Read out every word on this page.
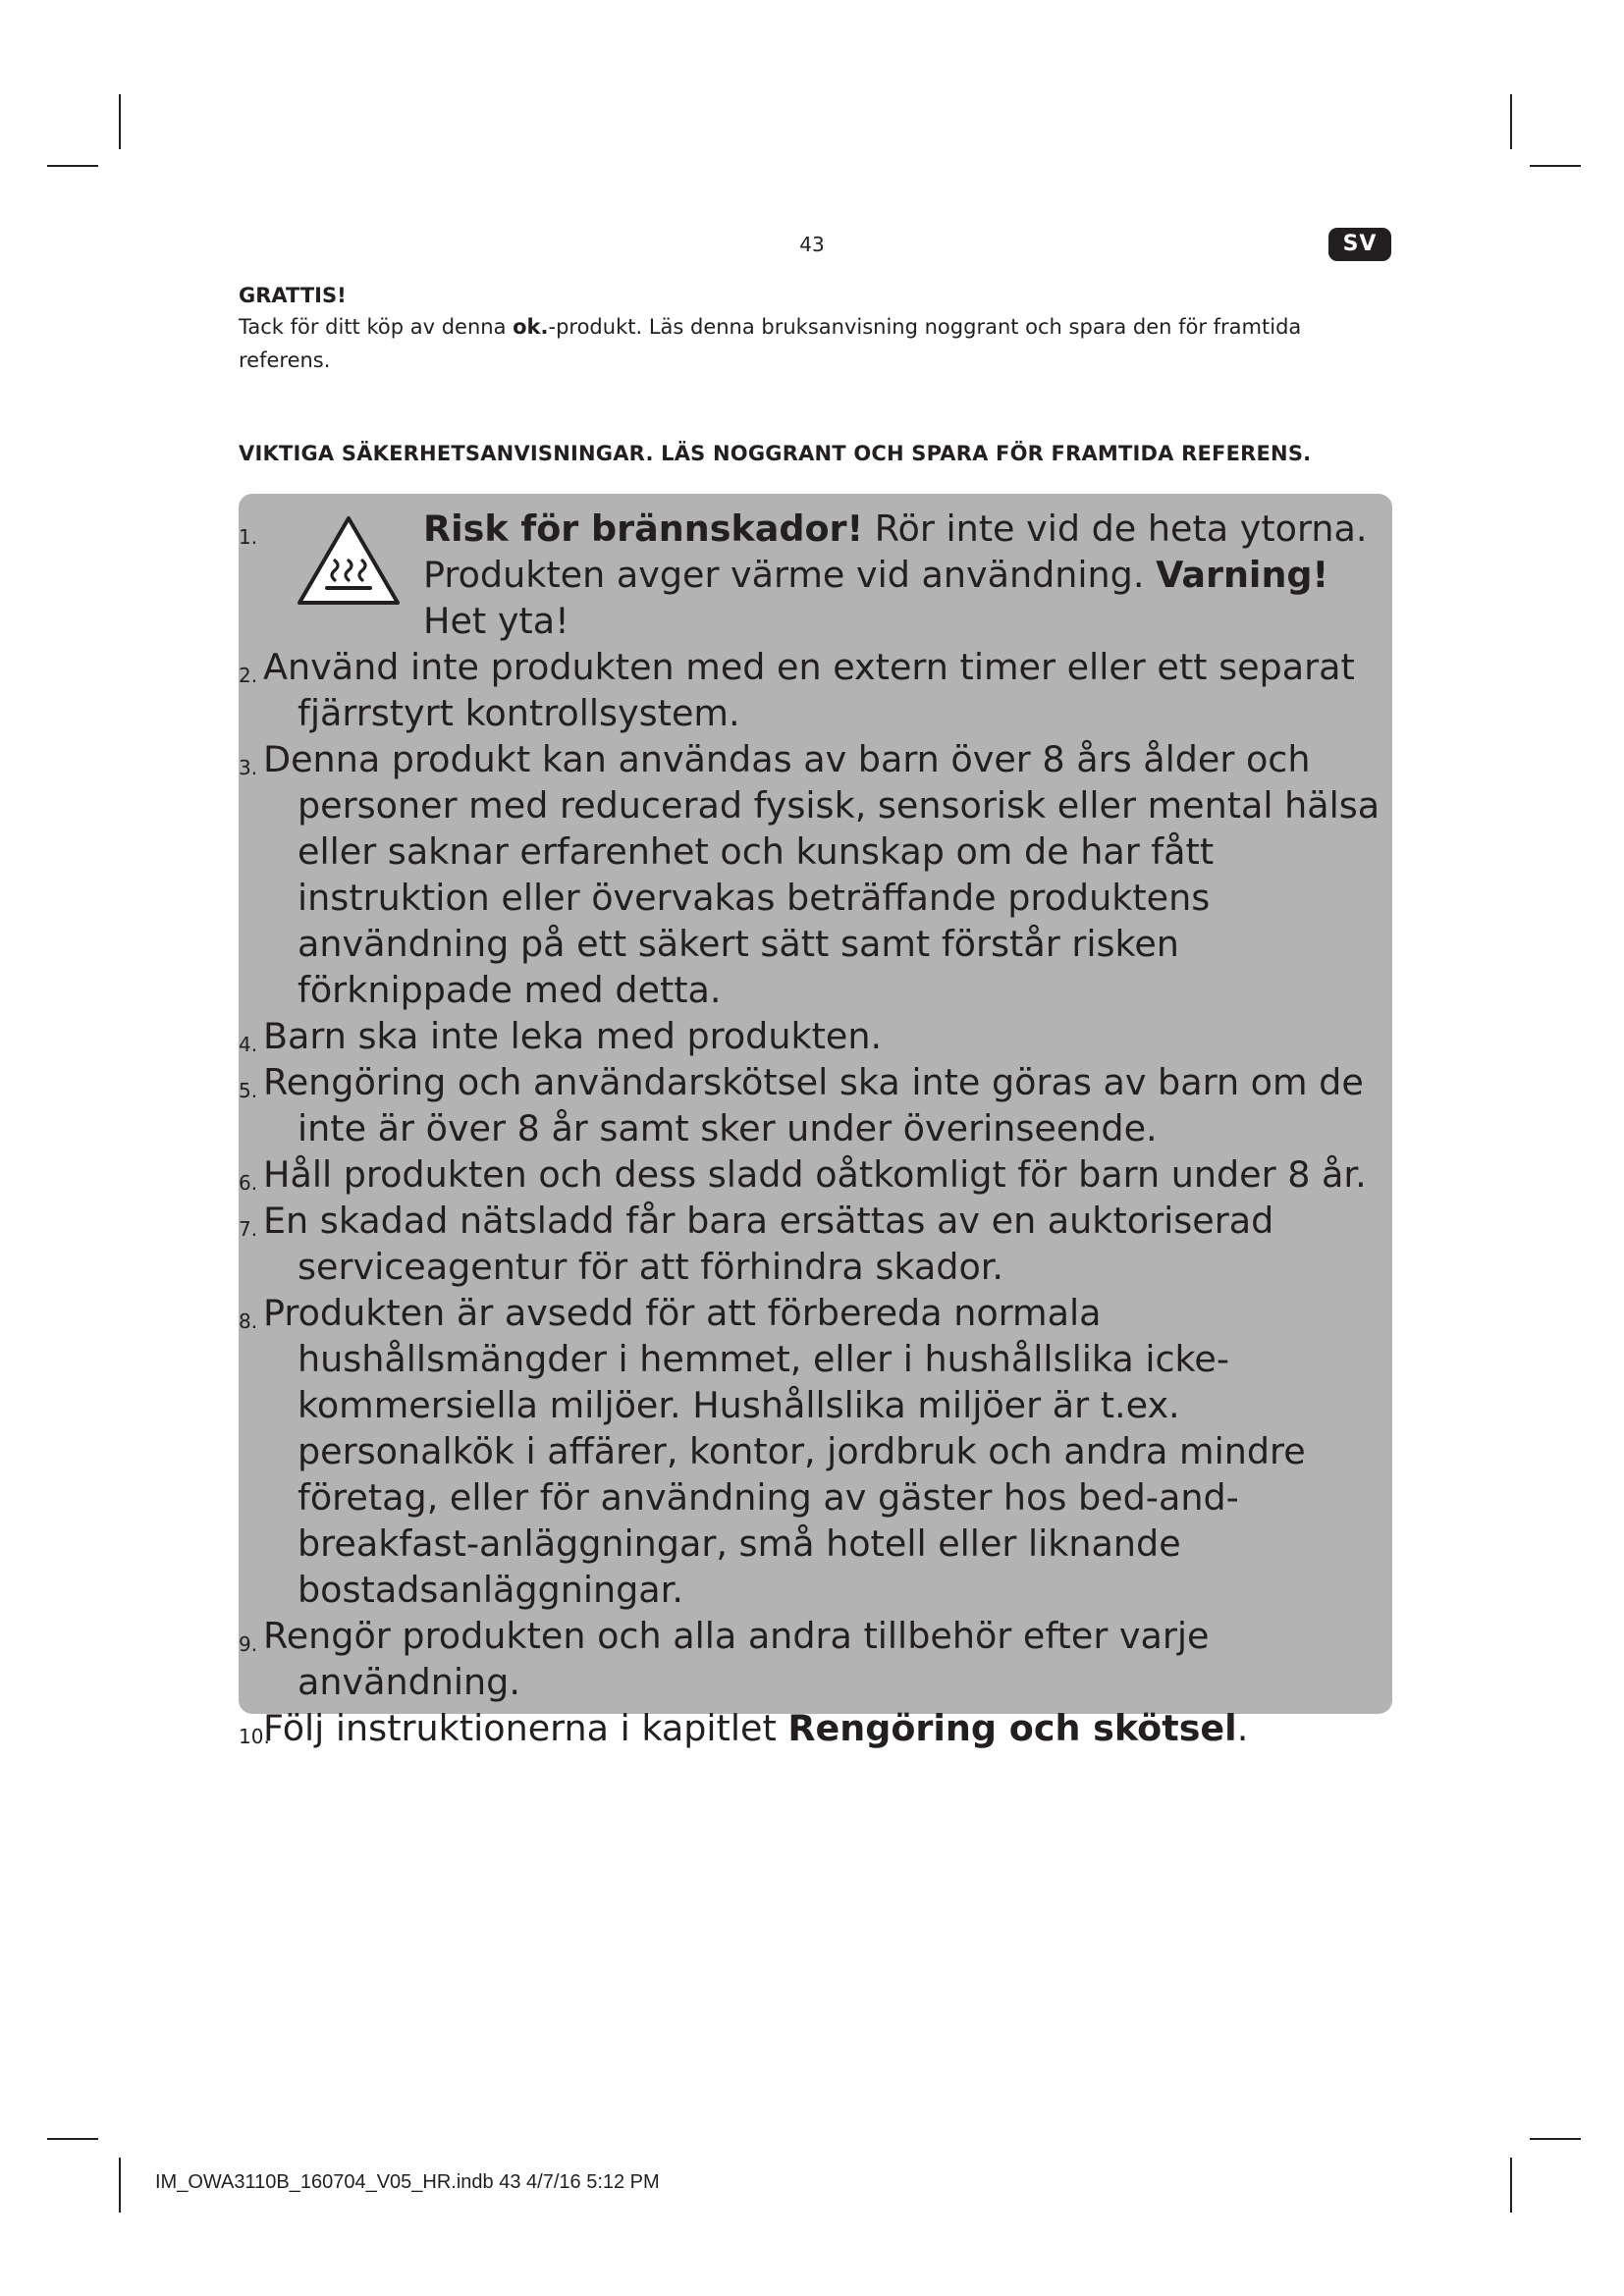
43	SV
GRATTIS!

Tack för ditt köp av denna ok.-produkt. Läs denna bruksanvisning noggrant och spara den för framtida referens.

VIKTIGA SÄKERHETSANVISNINGAR. LÄS NOGGRANT OCH SPARA FÖR FRAMTIDA REFERENS.
1.	Risk för brännskador! Rör inte vid de heta ytorna. Produkten avger värme vid användning. Varning! Het yta!

2. Använd inte produkten med en extern timer eller ett separat fjärrstyrt kontrollsystem.

3. Denna produkt kan användas av barn över 8 års ålder och personer med reducerad fysisk, sensorisk eller mental hälsa eller saknar erfarenhet och kunskap om de har fått instruktion eller övervakas beträffande produktens användning på ett säkert sätt samt förstår risken förknippade med detta.

4. Barn ska inte leka med produkten.

5. Rengöring och användarskötsel ska inte göras av barn om de inte är över 8 år samt sker under överinseende.

6. Håll produkten och dess sladd oåtkomligt för barn under 8 år.

7. En skadad nätsladd får bara ersättas av en auktoriserad serviceagentur för att förhindra skador.

8. Produkten är avsedd för att förbereda normala hushållsmängder i hemmet, eller i hushållslika icke-kommersiella miljöer. Hushållslika miljöer är t.ex. personalkök i affärer, kontor, jordbruk och andra mindre företag, eller för användning av gäster hos bed-and-breakfast-anläggningar, små hotell eller liknande bostadsanläggningar.

9. Rengör produkten och alla andra tillbehör efter varje användning.

10.

Följ instruktionerna i kapitlet Rengöring och skötsel.

IM_OWA3110B_160704_V05_HR.indb 43 4/7/16 5:12 PM
